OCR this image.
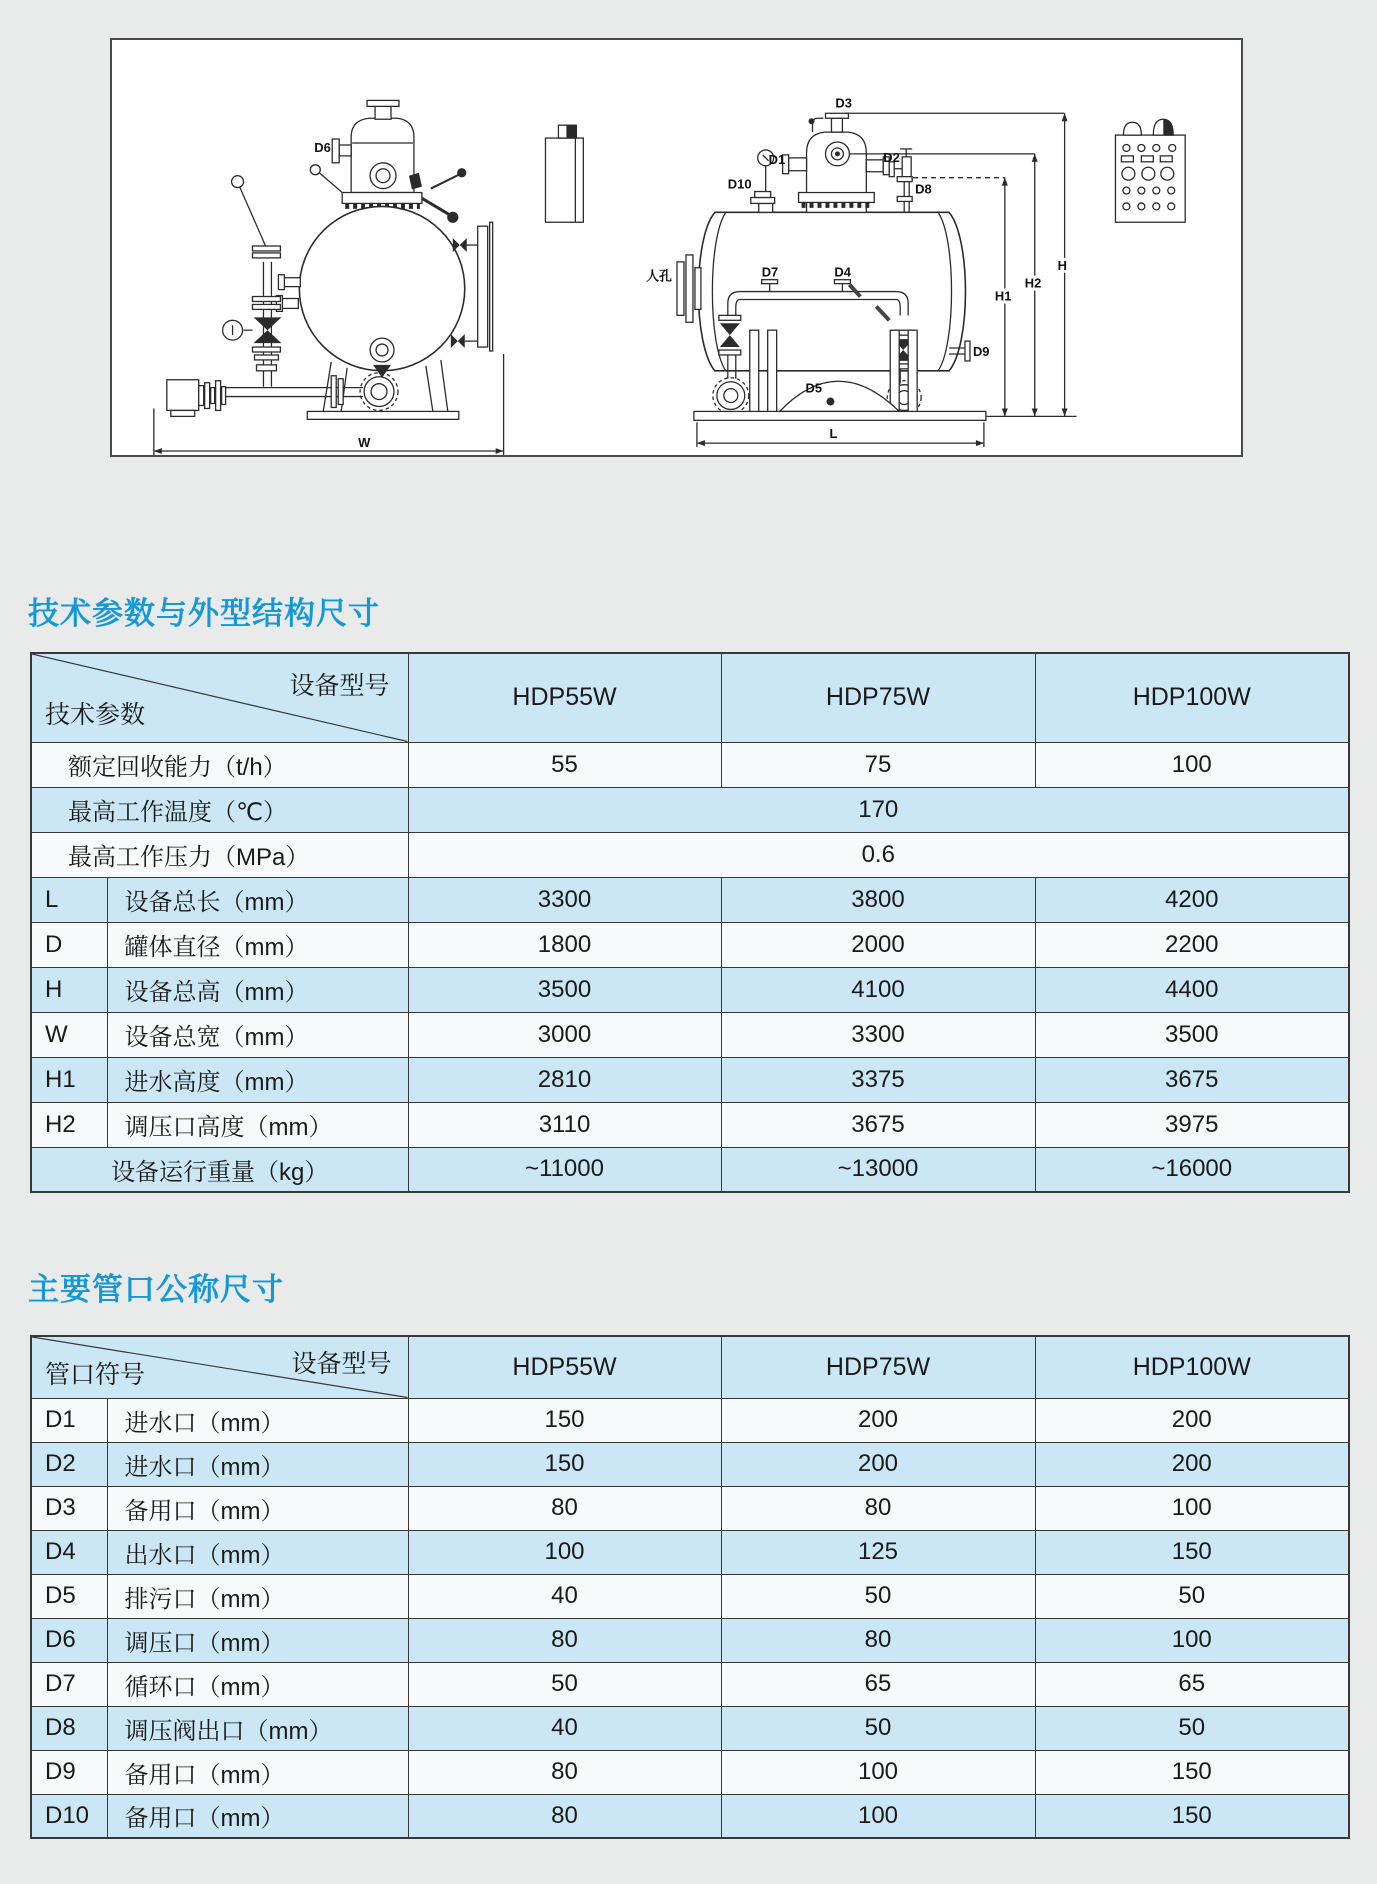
D6
W
D3
D1	D2
D10	D8
人孔	D7	D4
D9
D5
L
H
H2
H1
技术参数与外型结构尺寸
设备型号
技术参数		HDP55W	HDP75W	HDP100W
额定回收能力（t/h）		55	75	100
最高工作温度（℃）		170		
最高工作压力（MPa）		0.6		
L	设备总长（mm）	3300	3800	4200
D	罐体直径（mm）	1800	2000	2200
H	设备总高（mm）	3500	4100	4400
W	设备总宽（mm）	3000	3300	3500
H1	进水高度（mm）	2810	3375	3675
H2	调压口高度（mm）	3110	3675	3975
设备运行重量（kg）		~11000	~13000	~16000
主要管口公称尺寸
设备型号
管口符号		HDP55W	HDP75W	HDP100W
D1	进水口（mm）	150	200	200
D2	进水口（mm）	150	200	200
D3	备用口（mm）	80	80	100
D4	出水口（mm）	100	125	150
D5	排污口（mm）	40	50	50
D6	调压口（mm）	80	80	100
D7	循环口（mm）	50	65	65
D8	调压阀出口（mm）	40	50	50
D9	备用口（mm）	80	100	150
D10	备用口（mm）	80	100	150
